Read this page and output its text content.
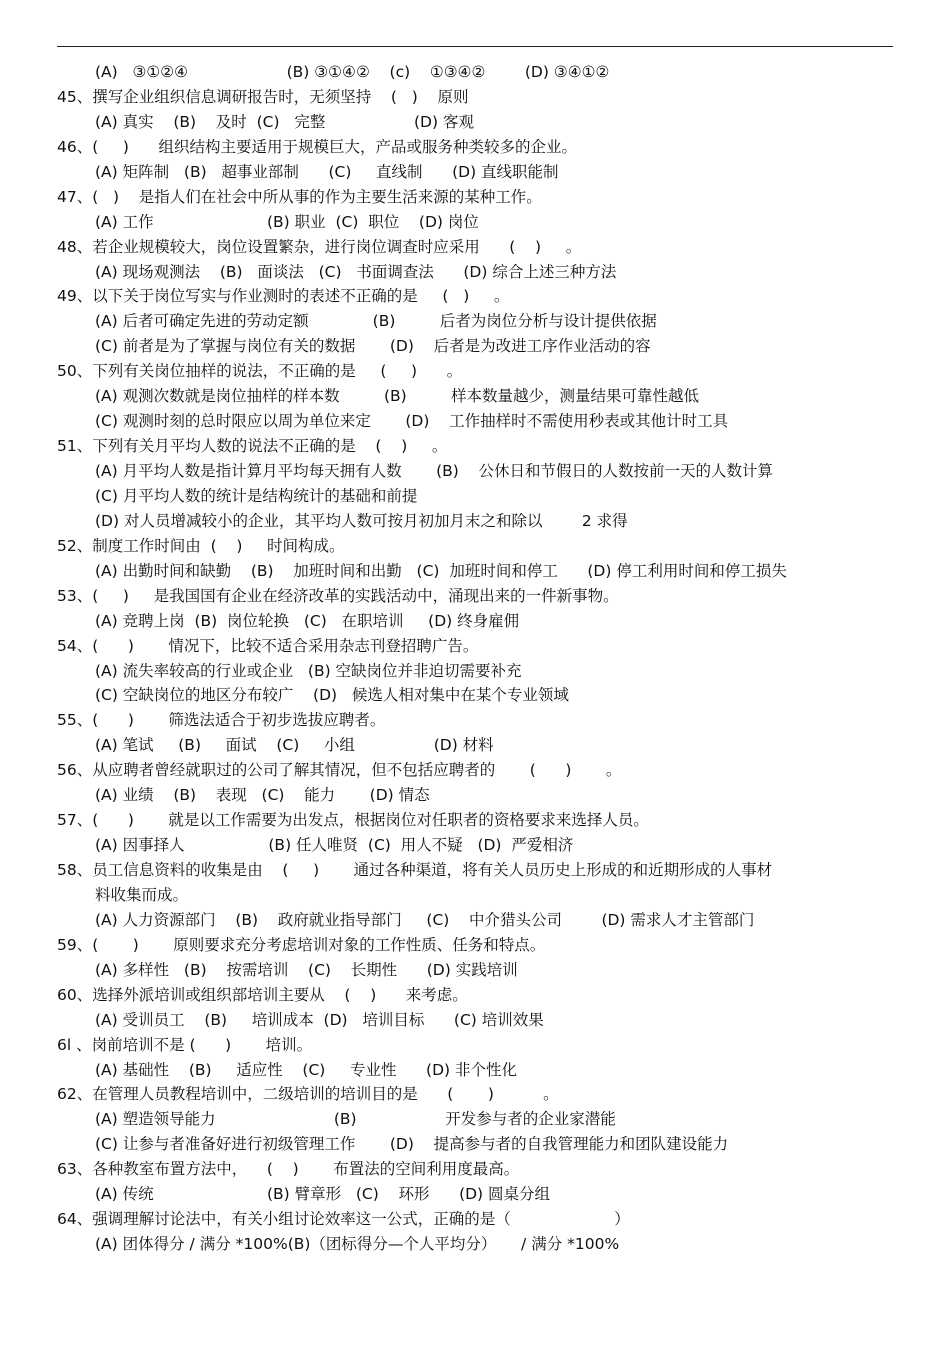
(A)   ③①②④                    (B) ③①④②    (c)    ①③④②        (D) ③④①②
45、撰写企业组织信息调研报告时，无须坚持    (   )    原则
(A) 真实    (B)    及时  (C)   完整                  (D) 客观
46、(     )      组织结构主要适用于规模巨大，产品或服务种类较多的企业。
(A) 矩阵制   (B)   超事业部制      (C)     直线制      (D) 直线职能制
47、(   )    是指人们在社会中所从事的作为主要生活来源的某种工作。
(A) 工作                       (B) 职业  (C)  职位    (D) 岗位
48、若企业规模较大，岗位设置繁杂，进行岗位调查时应采用      (    )     。
(A) 现场观测法    (B)   面谈法   (C)   书面调查法      (D) 综合上述三种方法
49、以下关于岗位写实与作业测时的表述不正确的是     (   )     。
(A) 后者可确定先进的劳动定额             (B)         后者为岗位分析与设计提供依据
(C) 前者是为了掌握与岗位有关的数据       (D)    后者是为改进工序作业活动的容
50、下列有关岗位抽样的说法，不正确的是     (     )      。
(A) 观测次数就是岗位抽样的样本数         (B)         样本数量越少，测量结果可靠性越低
(C) 观测时刻的总时限应以周为单位来定       (D)    工作抽样时不需使用秒表或其他计时工具
51、下列有关月平均人数的说法不正确的是    (    )     。
(A) 月平均人数是指计算月平均每天拥有人数       (B)    公休日和节假日的人数按前一天的人数计算
(C) 月平均人数的统计是结构统计的基础和前提
(D) 对人员增减较小的企业，其平均人数可按月初加月末之和除以        2 求得
52、制度工作时间由  (    )     时间构成。
(A) 出勤时间和缺勤    (B)    加班时间和出勤   (C)  加班时间和停工      (D) 停工利用时间和停工损失
53、(     )     是我国国有企业在经济改革的实践活动中，涌现出来的一件新事物。
(A) 竞聘上岗  (B)  岗位轮换   (C)   在职培训     (D) 终身雇佣
54、(      )       情况下，比较不适合采用杂志刊登招聘广告。
(A) 流失率较高的行业或企业   (B) 空缺岗位并非迫切需要补充
(C) 空缺岗位的地区分布较广    (D)   候选人相对集中在某个专业领域
55、(      )       筛选法适合于初步选拔应聘者。
(A) 笔试     (B)     面试    (C)     小组                (D) 材料
56、从应聘者曾经就职过的公司了解其情况，但不包括应聘者的       (      )       。
(A) 业绩    (B)    表现   (C)    能力       (D) 情态
57、(      )       就是以工作需要为出发点，根据岗位对任职者的资格要求来选择人员。
(A) 因事择人                 (B) 任人唯贤  (C)  用人不疑   (D)  严爱相济
58、员工信息资料的收集是由    (     )       通过各种渠道，将有关人员历史上形成的和近期形成的人事材
料收集而成。
(A) 人力资源部门    (B)    政府就业指导部门     (C)    中介猎头公司        (D) 需求人才主管部门
59、(       )       原则要求充分考虑培训对象的工作性质、任务和特点。
(A) 多样性   (B)    按需培训    (C)    长期性      (D) 实践培训
60、选择外派培训或组织部培训主要从    (    )      来考虑。
(A) 受训员工    (B)     培训成本  (D)   培训目标      (C) 培训效果
6l 、岗前培训不是 (      )       培训。
(A) 基础性    (B)     适应性    (C)     专业性      (D) 非个性化
62、在管理人员教程培训中，二级培训的培训目的是      (       )          。
(A) 塑造领导能力                        (B)                  开发参与者的企业家潜能
(C) 让参与者准备好进行初级管理工作       (D)    提高参与者的自我管理能力和团队建设能力
63、各种教室布置方法中，    (    )       布置法的空间利用度最高。
(A) 传统                       (B) 臂章形   (C)    环形      (D) 圆桌分组
64、强调理解讨论法中，有关小组讨论效率这一公式，正确的是（                     ）
(A) 团体得分 / 满分 *100%(B)（团标得分—个人平均分）     / 满分 *100%
